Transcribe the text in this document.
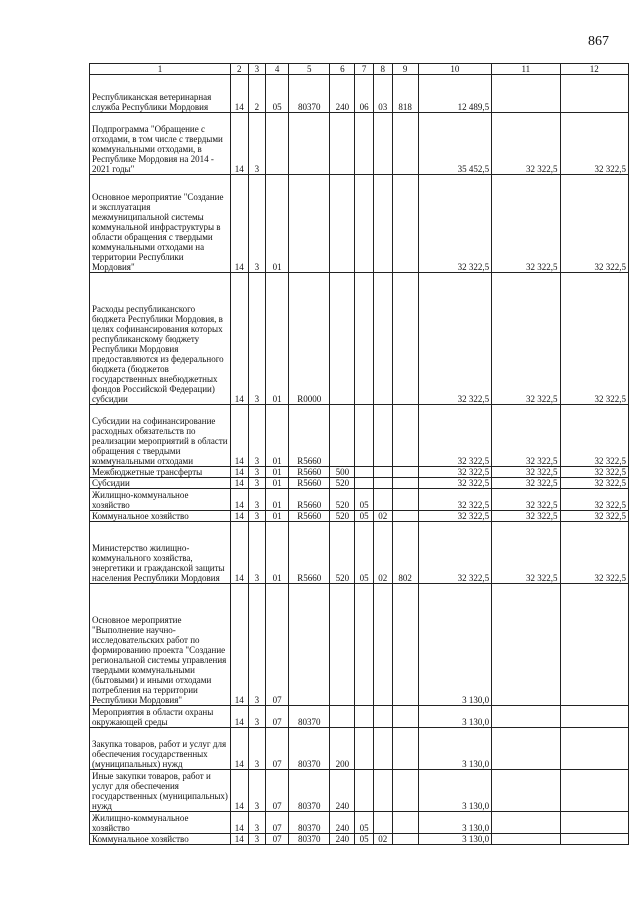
867
1	2	3	4	5	6	7	8	9	10	11	12
Республиканская ветеринарная служба Республики Мордовия	14	2	05	80370	240	06	03	818	12 489,5		
Подпрограмма "Обращение с отходами, в том числе с твердыми коммунальными отходами, в Республике Мордовия на 2014 - 2021 годы"	14	3							35 452,5	32 322,5	32 322,5
Основное мероприятие "Создание и эксплуатация межмуниципальной системы коммунальной инфраструктуры в области обращения с твердыми коммунальными отходами на территории Республики Мордовия"	14	3	01						32 322,5	32 322,5	32 322,5
Расходы республиканского бюджета Республики Мордовия, в целях софинансирования которых республиканскому бюджету Республики Мордовия предоставляются из федерального бюджета (бюджетов государственных внебюджетных фондов Российской Федерации) субсидии	14	3	01	R0000					32 322,5	32 322,5	32 322,5
Субсидии на софинансирование расходных обязательств по реализации мероприятий в области обращения с твердыми коммунальными отходами	14	3	01	R5660					32 322,5	32 322,5	32 322,5
Межбюджетные трансферты	14	3	01	R5660	500				32 322,5	32 322,5	32 322,5
Субсидии	14	3	01	R5660	520				32 322,5	32 322,5	32 322,5
Жилищно-коммунальное хозяйство	14	3	01	R5660	520	05			32 322,5	32 322,5	32 322,5
Коммунальное хозяйство	14	3	01	R5660	520	05	02		32 322,5	32 322,5	32 322,5
Министерство жилищно-коммунального хозяйства, энергетики и гражданской защиты населения Республики Мордовия	14	3	01	R5660	520	05	02	802	32 322,5	32 322,5	32 322,5
Основное мероприятие "Выполнение научно-исследовательских работ по формированию проекта "Создание региональной системы управления твердыми коммунальными (бытовыми) и иными отходами потребления на территории Республики Мордовия"	14	3	07						3 130,0		
Мероприятия в области охраны окружающей среды	14	3	07	80370					3 130,0		
Закупка товаров, работ и услуг для обеспечения государственных (муниципальных) нужд	14	3	07	80370	200				3 130,0		
Иные закупки товаров, работ и услуг для обеспечения государственных (муниципальных) нужд	14	3	07	80370	240				3 130,0		
Жилищно-коммунальное хозяйство	14	3	07	80370	240	05			3 130,0		
Коммунальное хозяйство	14	3	07	80370	240	05	02		3 130,0		
